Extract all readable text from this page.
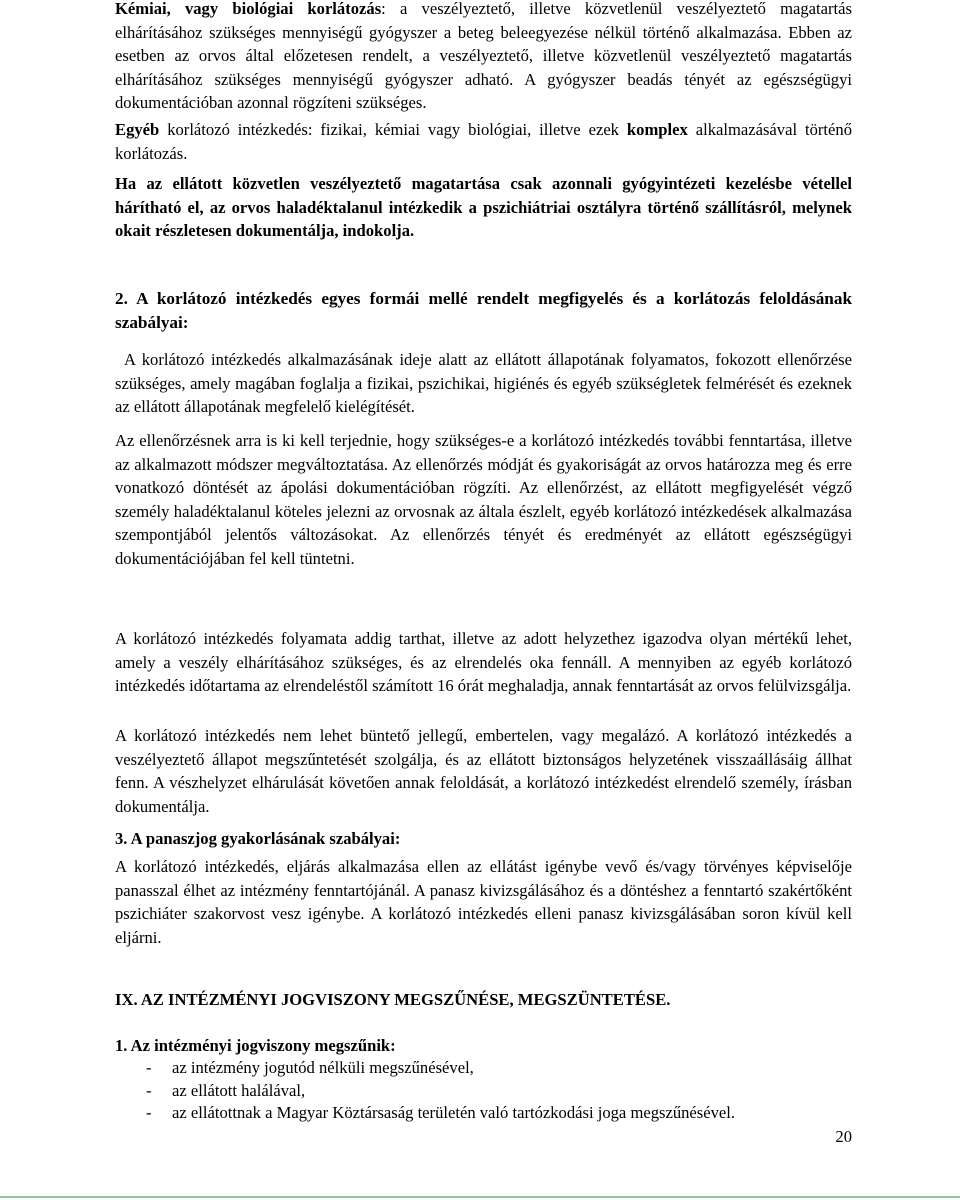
Kémiai, vagy biológiai korlátozás: a veszélyeztető, illetve közvetlenül veszélyeztető magatartás elhárításához szükséges mennyiségű gyógyszer a beteg beleegyezése nélkül történő alkalmazása. Ebben az esetben az orvos által előzetesen rendelt, a veszélyeztető, illetve közvetlenül veszélyeztető magatartás elhárításához szükséges mennyiségű gyógyszer adható. A gyógyszer beadás tényét az egészségügyi dokumentációban azonnal rögzíteni szükséges.

Egyéb korlátozó intézkedés: fizikai, kémiai vagy biológiai, illetve ezek komplex alkalmazásával történő korlátozás.

Ha az ellátott közvetlen veszélyeztető magatartása csak azonnali gyógyintézeti kezelésbe vétellel hárítható el, az orvos haladéktalanul intézkedik a pszichiátriai osztályra történő szállításról, melynek okait részletesen dokumentálja, indokolja.

2. A korlátozó intézkedés egyes formái mellé rendelt megfigyelés és a korlátozás feloldásának szabályai:

A korlátozó intézkedés alkalmazásának ideje alatt az ellátott állapotának folyamatos, fokozott ellenőrzése szükséges, amely magában foglalja a fizikai, pszichikai, higiénés és egyéb szükségletek felmérését és ezeknek az ellátott állapotának megfelelő kielégítését.

Az ellenőrzésnek arra is ki kell terjednie, hogy szükséges-e a korlátozó intézkedés további fenntartása, illetve az alkalmazott módszer megváltoztatása. Az ellenőrzés módját és gyakoriságát az orvos határozza meg és erre vonatkozó döntését az ápolási dokumentációban rögzíti. Az ellenőrzést, az ellátott megfigyelését végző személy haladéktalanul köteles jelezni az orvosnak az általa észlelt, egyéb korlátozó intézkedések alkalmazása szempontjából jelentős változásokat. Az ellenőrzés tényét és eredményét az ellátott egészségügyi dokumentációjában fel kell tüntetni.

A korlátozó intézkedés folyamata addig tarthat, illetve az adott helyzethez igazodva olyan mértékű lehet, amely a veszély elhárításához szükséges, és az elrendelés oka fennáll. A mennyiben az egyéb korlátozó intézkedés időtartama az elrendeléstől számított 16 órát meghaladja, annak fenntartását az orvos felülvizsgálja.

A korlátozó intézkedés nem lehet büntető jellegű, embertelen, vagy megalázó. A korlátozó intézkedés a veszélyeztető állapot megszűntetését szolgálja, és az ellátott biztonságos helyzetének visszaállásáig állhat fenn. A vészhelyzet elhárulását követően annak feloldását, a korlátozó intézkedést elrendelő személy, írásban dokumentálja.

3. A panaszjog gyakorlásának szabályai:

A korlátozó intézkedés, eljárás alkalmazása ellen az ellátást igénybe vevő és/vagy törvényes képviselője panasszal élhet az intézmény fenntartójánál. A panasz kivizsgálásához és a döntéshez a fenntartó szakértőként pszichiáter szakorvost vesz igénybe. A korlátozó intézkedés elleni panasz kivizsgálásában soron kívül kell eljárni.

IX. AZ INTÉZMÉNYI JOGVISZONY MEGSZŰNÉSE, MEGSZÜNTETÉSE.

1. Az intézményi jogviszony megszűnik:

- az intézmény jogutód nélküli megszűnésével,
- az ellátott halálával,
- az ellátottnak a Magyar Köztársaság területén való tartózkodási joga megszűnésével.
20
